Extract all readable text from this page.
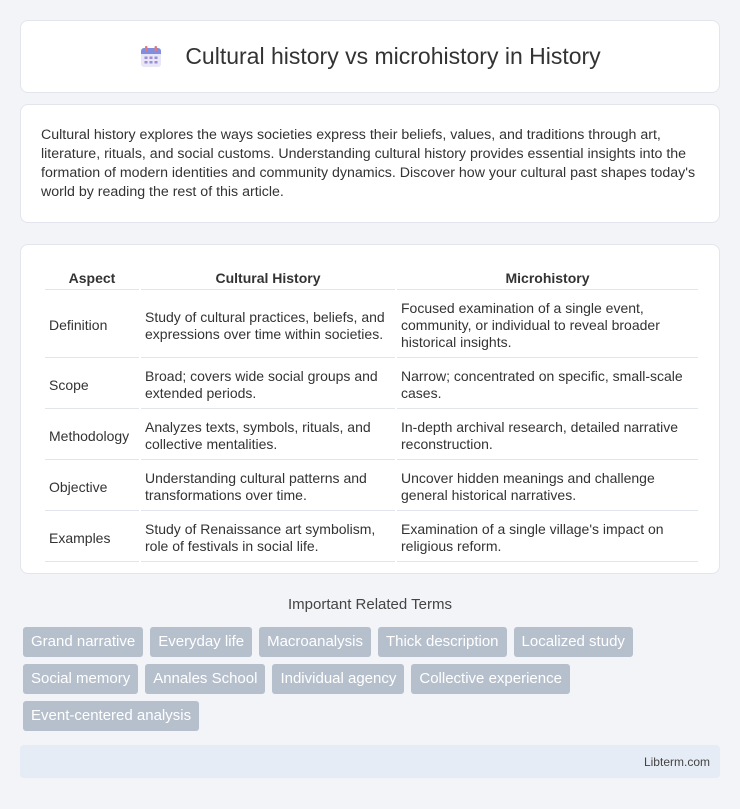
Cultural history vs microhistory in History

Cultural history explores the ways societies express their beliefs, values, and traditions through art, literature, rituals, and social customs. Understanding cultural history provides essential insights into the formation of modern identities and community dynamics. Discover how your cultural past shapes today's world by reading the rest of this article.

Aspect	Cultural History	Microhistory
Definition	Study of cultural practices, beliefs, and expressions over time within societies.	Focused examination of a single event, community, or individual to reveal broader historical insights.
Scope	Broad; covers wide social groups and extended periods.	Narrow; concentrated on specific, small-scale cases.
Methodology	Analyzes texts, symbols, rituals, and collective mentalities.	In-depth archival research, detailed narrative reconstruction.
Objective	Understanding cultural patterns and transformations over time.	Uncover hidden meanings and challenge general historical narratives.
Examples	Study of Renaissance art symbolism, role of festivals in social life.	Examination of a single village's impact on religious reform.
Important Related Terms
Grand narrative	Everyday life	Macroanalysis	Thick description	Localized study
Social memory	Annales School	Individual agency	Collective experience
Event-centered analysis
Libterm.com
